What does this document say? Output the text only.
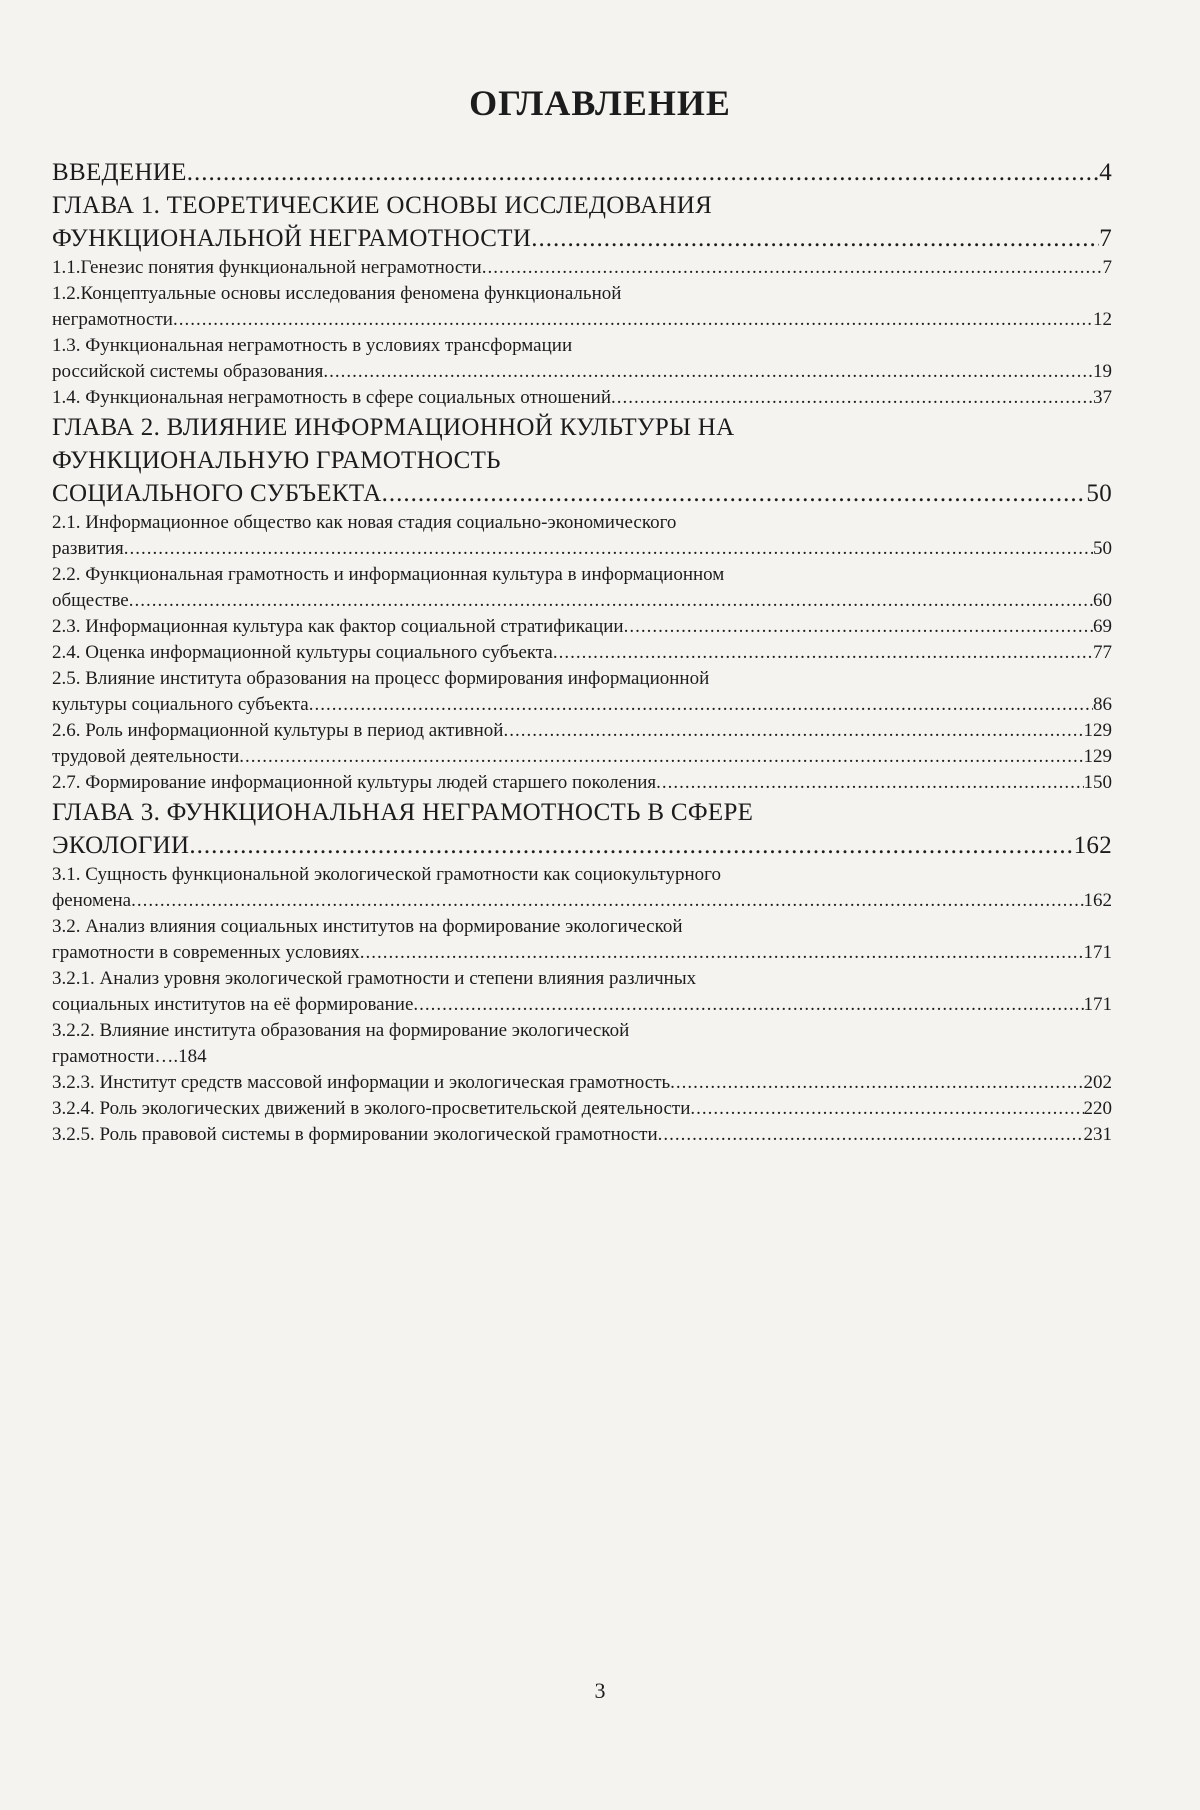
ОГЛАВЛЕНИЕ
ВВЕДЕНИЕ .....	4
ГЛАВА 1. ТЕОРЕТИЧЕСКИЕ ОСНОВЫ ИССЛЕДОВАНИЯ
ФУНКЦИОНАЛЬНОЙ НЕГРАМОТНОСТИ .....	7
1.1.Генезис понятия функциональной неграмотности .....	7
1.2.Концептуальные основы исследования феномена функциональной
неграмотности .....	12
1.3. Функциональная неграмотность в условиях трансформации
российской системы образования .....	19
1.4. Функциональная неграмотность в сфере социальных отношений .....	37
ГЛАВА 2. ВЛИЯНИЕ ИНФОРМАЦИОННОЙ КУЛЬТУРЫ НА
ФУНКЦИОНАЛЬНУЮ ГРАМОТНОСТЬ
СОЦИАЛЬНОГО СУБЪЕКТА .....	50
2.1. Информационное общество как новая стадия социально-экономического
развития .....	50
2.2. Функциональная грамотность и информационная культура в информационном
обществе .....	60
2.3. Информационная культура как фактор социальной стратификации .....	69
2.4. Оценка информационной культуры социального субъекта .....	77
2.5. Влияние института образования на процесс формирования информационной
культуры социального субъекта .....	86
2.6. Роль информационной культуры в период активной .....	129
трудовой деятельности .....	129
2.7. Формирование информационной культуры людей старшего поколения .....	150
ГЛАВА 3. ФУНКЦИОНАЛЬНАЯ НЕГРАМОТНОСТЬ В СФЕРЕ
ЭКОЛОГИИ .....	162
3.1. Сущность функциональной экологической грамотности как социокультурного
феномена .....	162
3.2. Анализ влияния социальных институтов на формирование экологической
грамотности в современных условиях .....	171
3.2.1. Анализ уровня экологической грамотности и степени влияния различных
социальных институтов на её формирование .....	171
3.2.2. Влияние института образования на формирование экологической
грамотности….184
3.2.3. Институт средств массовой информации и экологическая грамотность .....	202
3.2.4. Роль экологических движений в эколого-просветительской деятельности .....	220
3.2.5. Роль правовой системы в формировании экологической грамотности .....	231
3
